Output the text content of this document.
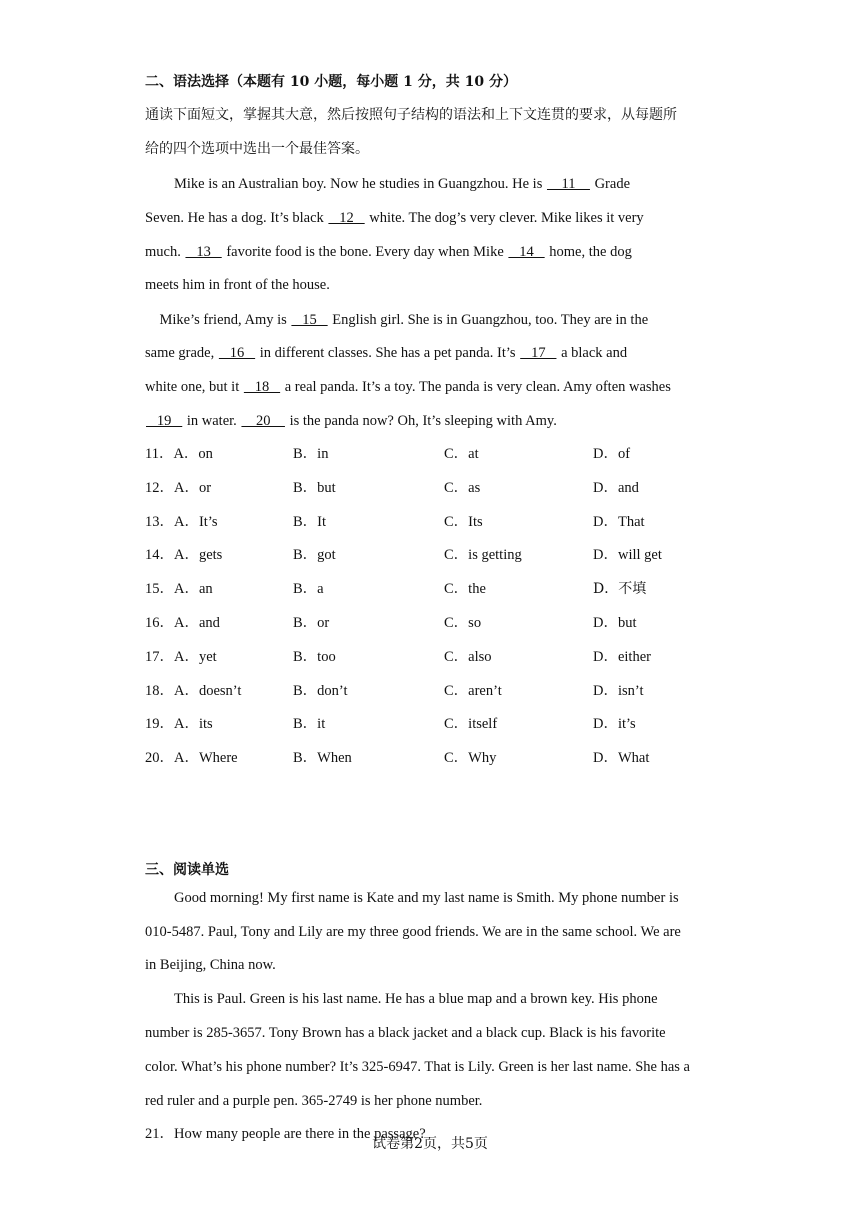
二、语法选择（本题有 10 小题，每小题 1 分，共 10 分）
通读下面短文，掌握其大意，然后按照句子结构的语法和上下文连贯的要求，从每题所
给的四个选项中选出一个最佳答案。
　　Mike is an Australian boy. Now he studies in Guangzhou. He is     11     Grade
Seven. He has a dog. It’s black    12    white. The dog’s very clever. Mike likes it very
much.    13    favorite food is the bone. Every day when Mike    14    home, the dog
meets him in front of the house.
　Mike’s friend, Amy is    15    English girl. She is in Guangzhou, too. They are in the
same grade,    16    in different classes. She has a pet panda. It’s    17    a black and
white one, but it    18    a real panda. It’s a toy. The panda is very clean. Amy often washes
19    in water.     20     is the panda now? Oh, It’s sleeping with Amy.
11．A．on	B．in	C．at	D．of
12．A．or	B．but	C．as	D．and
13．A．It’s	B．It	C．Its	D．That
14．A．gets	B．got	C．is getting	D．will get
15．A．an	B．a	C．the	D．不填
16．A．and	B．or	C．so	D．but
17．A．yet	B．too	C．also	D．either
18．A．doesn’t	B．don’t	C．aren’t	D．isn’t
19．A．its	B．it	C．itself	D．it’s
20．A．Where	B．When	C．Why	D．What
三、阅读单选
　　Good morning! My first name is Kate and my last name is Smith. My phone number is
010-5487. Paul, Tony and Lily are my three good friends. We are in the same school. We are
in Beijing, China now.
　　This is Paul. Green is his last name. He has a blue map and a brown key. His phone
number is 285-3657. Tony Brown has a black jacket and a black cup. Black is his favorite
color. What’s his phone number? It’s 325-6947. That is Lily. Green is her last name. She has a
red ruler and a purple pen. 365-2749 is her phone number.
21．How many people are there in the passage?
试卷第2页，共5页
